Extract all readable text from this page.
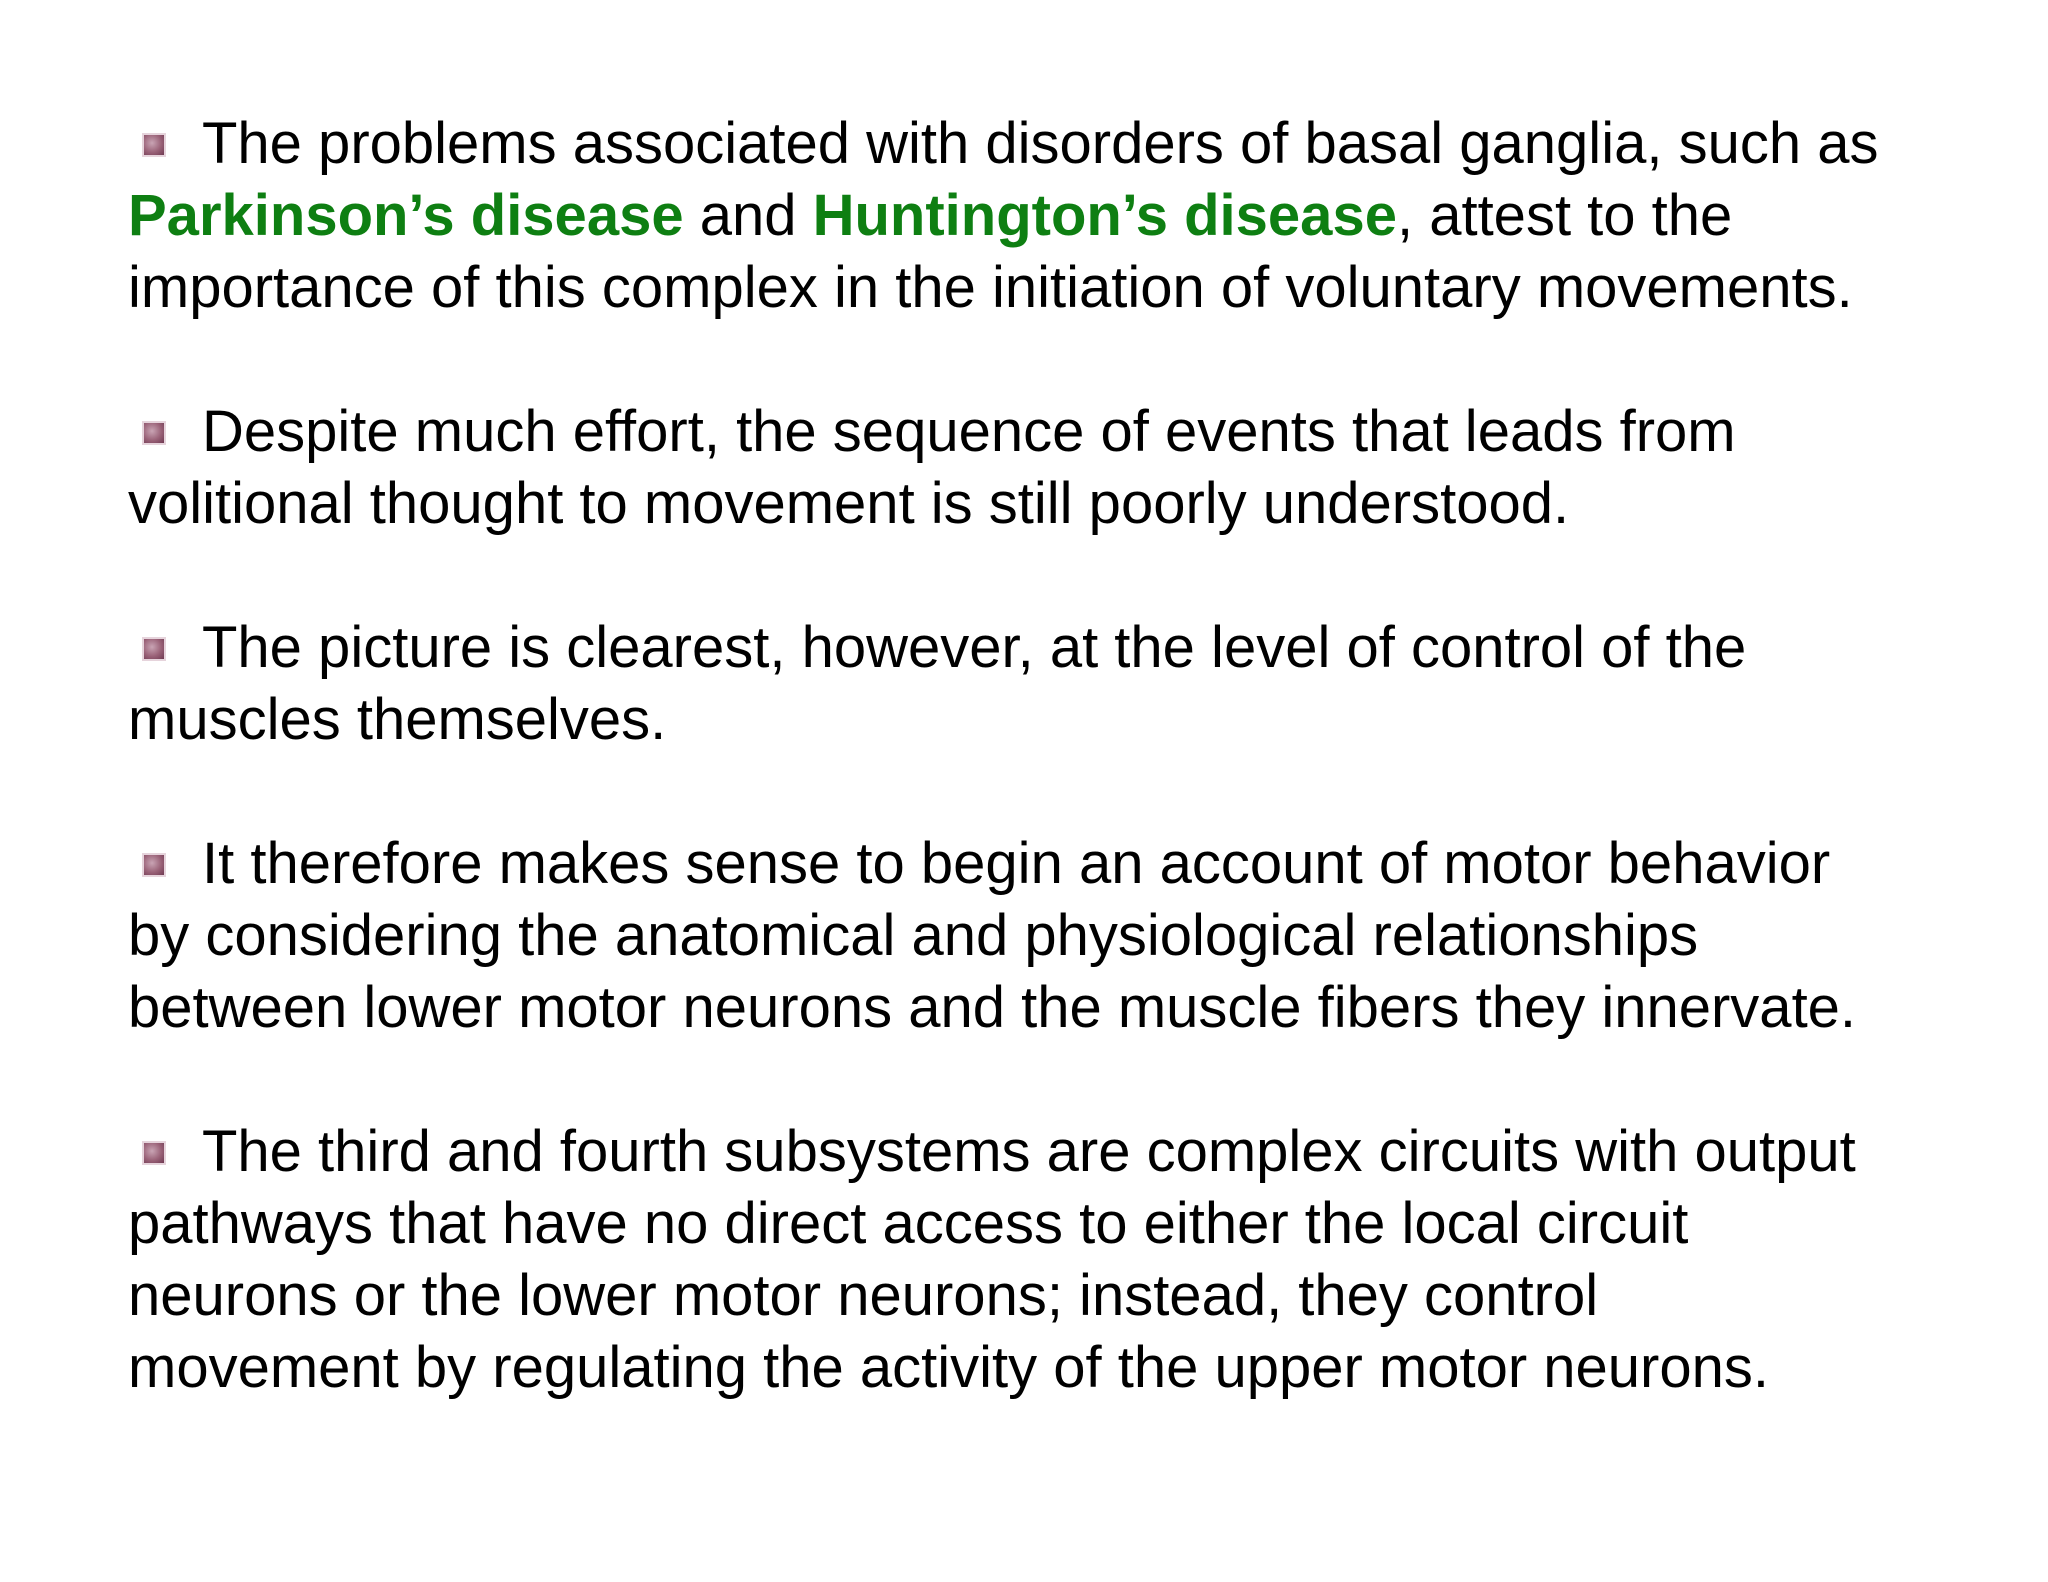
The problems associated with disorders of basal ganglia, such as
Parkinson’s disease and Huntington’s disease, attest to the
importance of this complex in the initiation of voluntary movements.

Despite much effort, the sequence of events that leads from
volitional thought to movement is still poorly understood.

The picture is clearest, however, at the level of control of the
muscles themselves.

It therefore makes sense to begin an account of motor behavior
by considering the anatomical and physiological relationships
between lower motor neurons and the muscle fibers they innervate.

The third and fourth subsystems are complex circuits with output
pathways that have no direct access to either the local circuit
neurons or the lower motor neurons; instead, they control
movement by regulating the activity of the upper motor neurons.
